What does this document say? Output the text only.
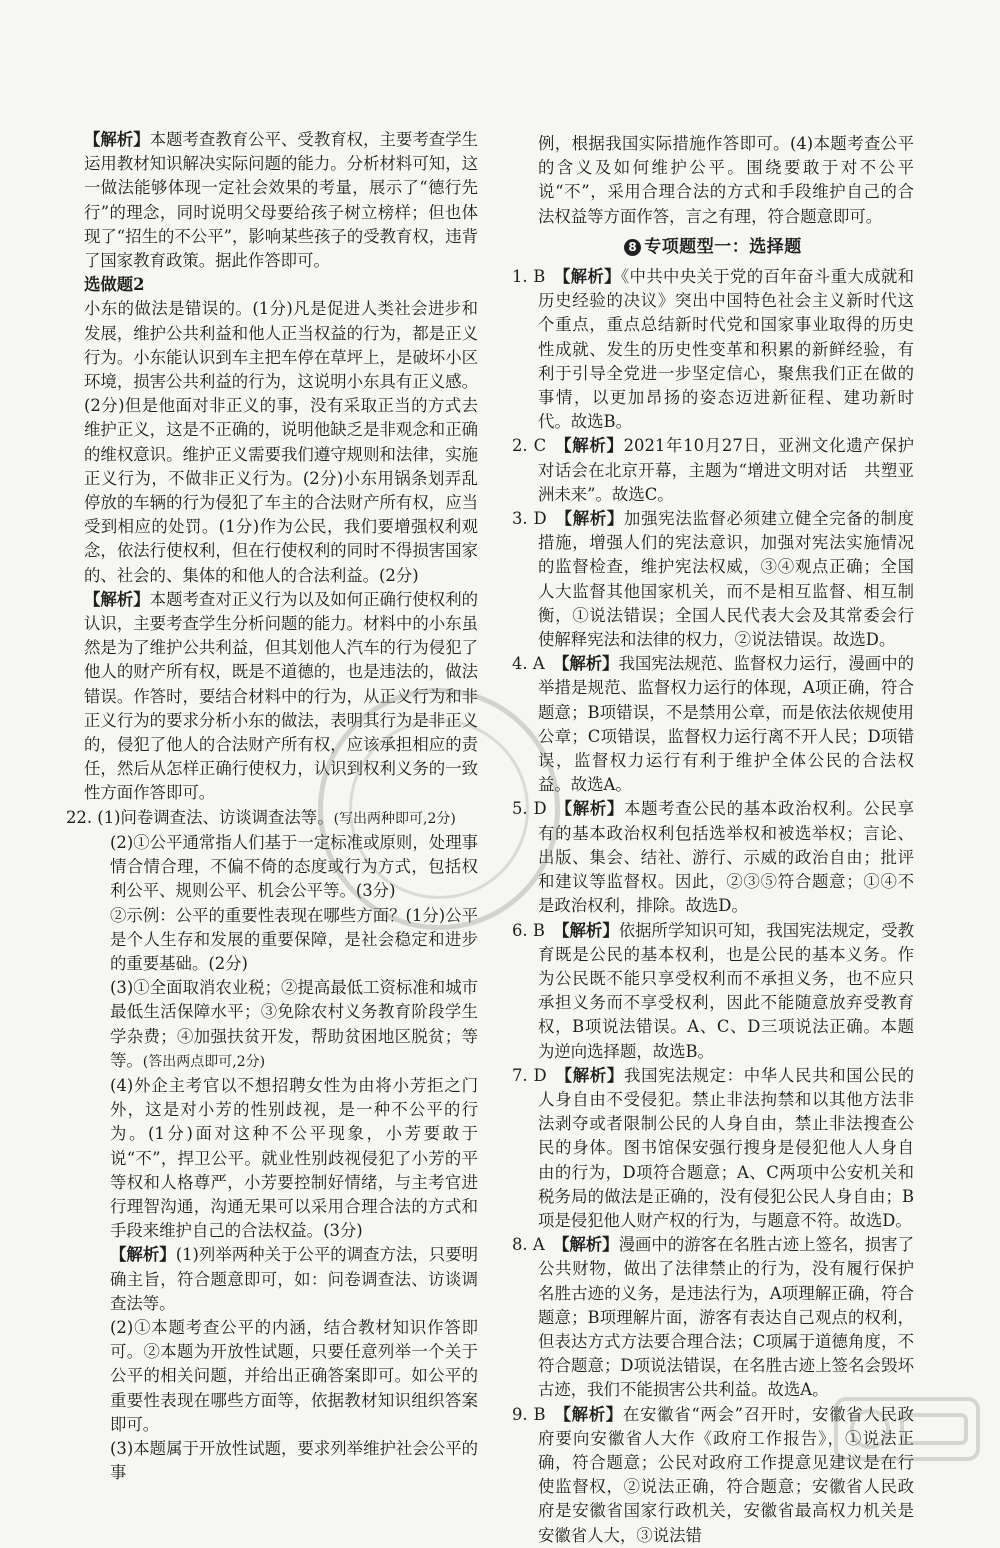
【解析】本题考查教育公平、受教育权，主要考查学生运用教材知识解决实际问题的能力。分析材料可知，这一做法能够体现一定社会效果的考量，展示了“德行先行”的理念，同时说明父母要给孩子树立榜样；但也体现了“招生的不公平”，影响某些孩子的受教育权，违背了国家教育政策。据此作答即可。

选做题2

小东的做法是错误的。(1分)凡是促进人类社会进步和发展，维护公共利益和他人正当权益的行为，都是正义行为。小东能认识到车主把车停在草坪上，是破坏小区环境，损害公共利益的行为，这说明小东具有正义感。(2分)但是他面对非正义的事，没有采取正当的方式去维护正义，这是不正确的，说明他缺乏是非观念和正确的维权意识。维护正义需要我们遵守规则和法律，实施正义行为，不做非正义行为。(2分)小东用锅条划弄乱停放的车辆的行为侵犯了车主的合法财产所有权，应当受到相应的处罚。(1分)作为公民，我们要增强权利观念，依法行使权利，但在行使权利的同时不得损害国家的、社会的、集体的和他人的合法利益。(2分)

【解析】本题考查对正义行为以及如何正确行使权利的认识，主要考查学生分析问题的能力。材料中的小东虽然是为了维护公共利益，但其划他人汽车的行为侵犯了他人的财产所有权，既是不道德的，也是违法的，做法错误。作答时，要结合材料中的行为，从正义行为和非正义行为的要求分析小东的做法，表明其行为是非正义的，侵犯了他人的合法财产所有权，应该承担相应的责任，然后从怎样正确行使权力，认识到权利义务的一致性方面作答即可。

22. (1)问卷调查法、访谈调查法等。(写出两种即可,2分)

(2)①公平通常指人们基于一定标准或原则，处理事情合情合理，不偏不倚的态度或行为方式，包括权利公平、规则公平、机会公平等。(3分)

②示例：公平的重要性表现在哪些方面？(1分)公平是个人生存和发展的重要保障，是社会稳定和进步的重要基础。(2分)

(3)①全面取消农业税；②提高最低工资标准和城市最低生活保障水平；③免除农村义务教育阶段学生学杂费；④加强扶贫开发，帮助贫困地区脱贫；等等。(答出两点即可,2分)

(4)外企主考官以不想招聘女性为由将小芳拒之门外，这是对小芳的性别歧视，是一种不公平的行为。(1分)面对这种不公平现象，小芳要敢于说“不”，捍卫公平。就业性别歧视侵犯了小芳的平等权和人格尊严，小芳要控制好情绪，与主考官进行理智沟通，沟通无果可以采用合理合法的方式和手段来维护自己的合法权益。(3分)

【解析】(1)列举两种关于公平的调查方法，只要明确主旨，符合题意即可，如：问卷调查法、访谈调查法等。

(2)①本题考查公平的内涵，结合教材知识作答即可。②本题为开放性试题，只要任意列举一个关于公平的相关问题，并给出正确答案即可。如公平的重要性表现在哪些方面等，依据教材知识组织答案即可。

(3)本题属于开放性试题，要求列举维护社会公平的事

例，根据我国实际措施作答即可。(4)本题考查公平的含义及如何维护公平。围绕要敢于对不公平说“不”，采用合理合法的方式和手段维护自己的合法权益等方面作答，言之有理，符合题意即可。

8 专项题型一：选择题

1. B  【解析】《中共中央关于党的百年奋斗重大成就和历史经验的决议》突出中国特色社会主义新时代这个重点，重点总结新时代党和国家事业取得的历史性成就、发生的历史性变革和积累的新鲜经验，有利于引导全党进一步坚定信心，聚焦我们正在做的事情，以更加昂扬的姿态迈进新征程、建功新时代。故选B。

2. C  【解析】2021年10月27日，亚洲文化遗产保护对话会在北京开幕，主题为“增进文明对话　共塑亚洲未来”。故选C。

3. D  【解析】加强宪法监督必须建立健全完备的制度措施，增强人们的宪法意识，加强对宪法实施情况的监督检查，维护宪法权威，③④观点正确；全国人大监督其他国家机关，而不是相互监督、相互制衡，①说法错误；全国人民代表大会及其常委会行使解释宪法和法律的权力，②说法错误。故选D。

4. A  【解析】我国宪法规范、监督权力运行，漫画中的举措是规范、监督权力运行的体现，A项正确，符合题意；B项错误，不是禁用公章，而是依法依规使用公章；C项错误，监督权力运行离不开人民；D项错误，监督权力运行有利于维护全体公民的合法权益。故选A。

5. D  【解析】本题考查公民的基本政治权利。公民享有的基本政治权利包括选举权和被选举权；言论、出版、集会、结社、游行、示威的政治自由；批评和建议等监督权。因此，②③⑤符合题意；①④不是政治权利，排除。故选D。

6. B  【解析】依据所学知识可知，我国宪法规定，受教育既是公民的基本权利，也是公民的基本义务。作为公民既不能只享受权利而不承担义务，也不应只承担义务而不享受权利，因此不能随意放弃受教育权，B项说法错误。A、C、D三项说法正确。本题为逆向选择题，故选B。

7. D  【解析】我国宪法规定：中华人民共和国公民的人身自由不受侵犯。禁止非法拘禁和以其他方法非法剥夺或者限制公民的人身自由，禁止非法搜查公民的身体。图书馆保安强行搜身是侵犯他人人身自由的行为，D项符合题意；A、C两项中公安机关和税务局的做法是正确的，没有侵犯公民人身自由；B项是侵犯他人财产权的行为，与题意不符。故选D。

8. A  【解析】漫画中的游客在名胜古迹上签名，损害了公共财物，做出了法律禁止的行为，没有履行保护名胜古迹的义务，是违法行为，A项理解正确，符合题意；B项理解片面，游客有表达自己观点的权利，但表达方式方法要合理合法；C项属于道德角度，不符合题意；D项说法错误，在名胜古迹上签名会毁坏古迹，我们不能损害公共利益。故选A。

9. B  【解析】在安徽省“两会”召开时，安徽省人民政府要向安徽省人大作《政府工作报告》，①说法正确，符合题意；公民对政府工作提意见建议是在行使监督权，②说法正确，符合题意；安徽省人民政府是安徽省国家行政机关，安徽省最高权力机关是安徽省人大，③说法错
